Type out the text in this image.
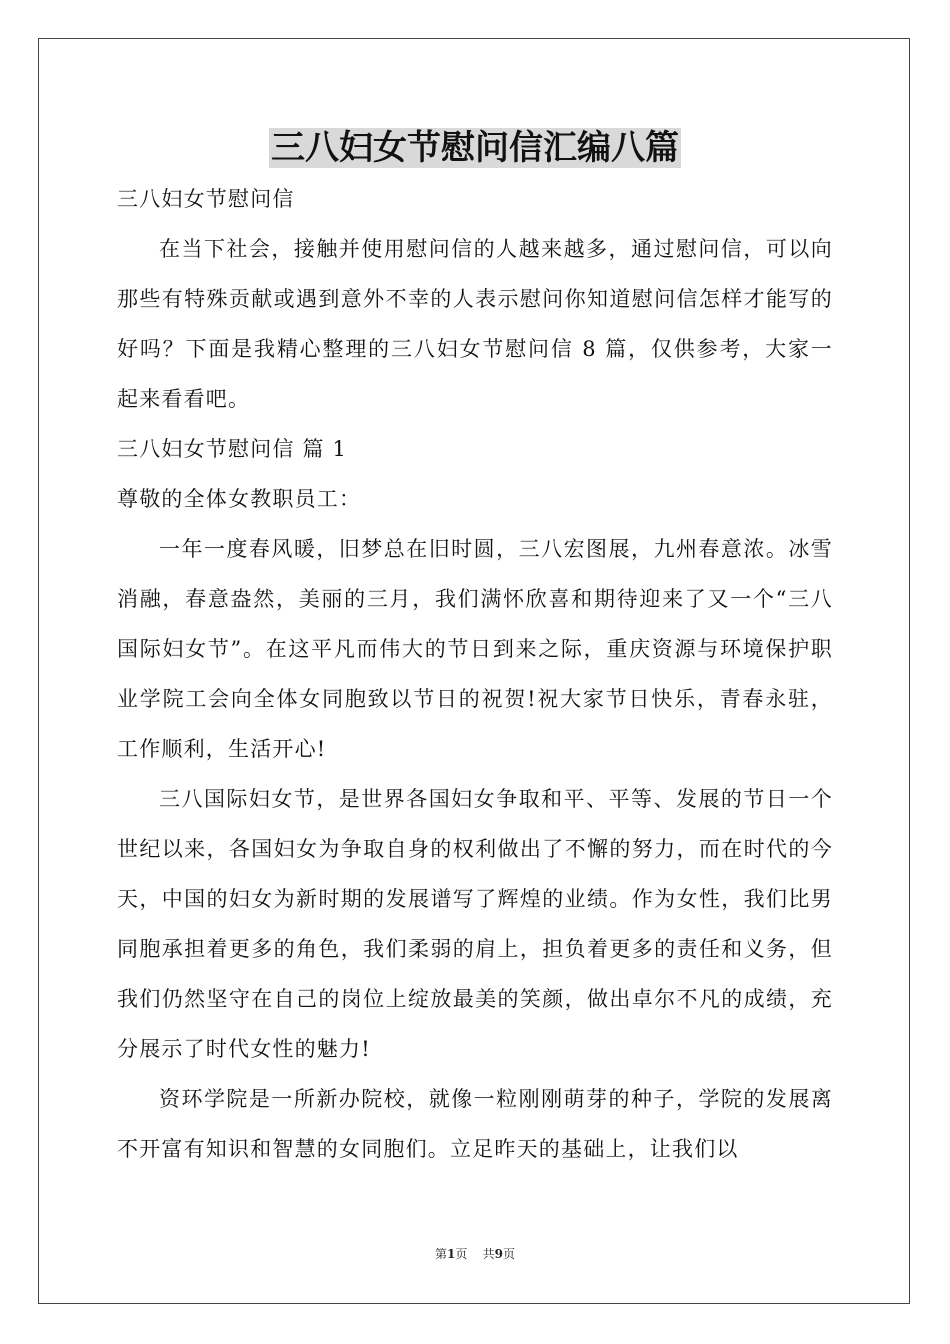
三八妇女节慰问信汇编八篇

三八妇女节慰问信

在当下社会，接触并使用慰问信的人越来越多，通过慰问信，可以向那些有特殊贡献或遇到意外不幸的人表示慰问你知道慰问信怎样才能写的好吗？下面是我精心整理的三八妇女节慰问信 8 篇，仅供参考，大家一起来看看吧。

三八妇女节慰问信 篇 1

尊敬的全体女教职员工：

一年一度春风暖，旧梦总在旧时圆，三八宏图展，九州春意浓。冰雪消融，春意盎然，美丽的三月，我们满怀欣喜和期待迎来了又一个“三八国际妇女节”。在这平凡而伟大的节日到来之际，重庆资源与环境保护职业学院工会向全体女同胞致以节日的祝贺!祝大家节日快乐，青春永驻，工作顺利，生活开心!

三八国际妇女节，是世界各国妇女争取和平、平等、发展的节日一个世纪以来，各国妇女为争取自身的权利做出了不懈的努力，而在时代的今天，中国的妇女为新时期的发展谱写了辉煌的业绩。作为女性，我们比男同胞承担着更多的角色，我们柔弱的肩上，担负着更多的责任和义务，但我们仍然坚守在自己的岗位上绽放最美的笑颜，做出卓尔不凡的成绩，充分展示了时代女性的魅力!

资环学院是一所新办院校，就像一粒刚刚萌芽的种子，学院的发展离不开富有知识和智慧的女同胞们。立足昨天的基础上，让我们以

第1页 共9页
